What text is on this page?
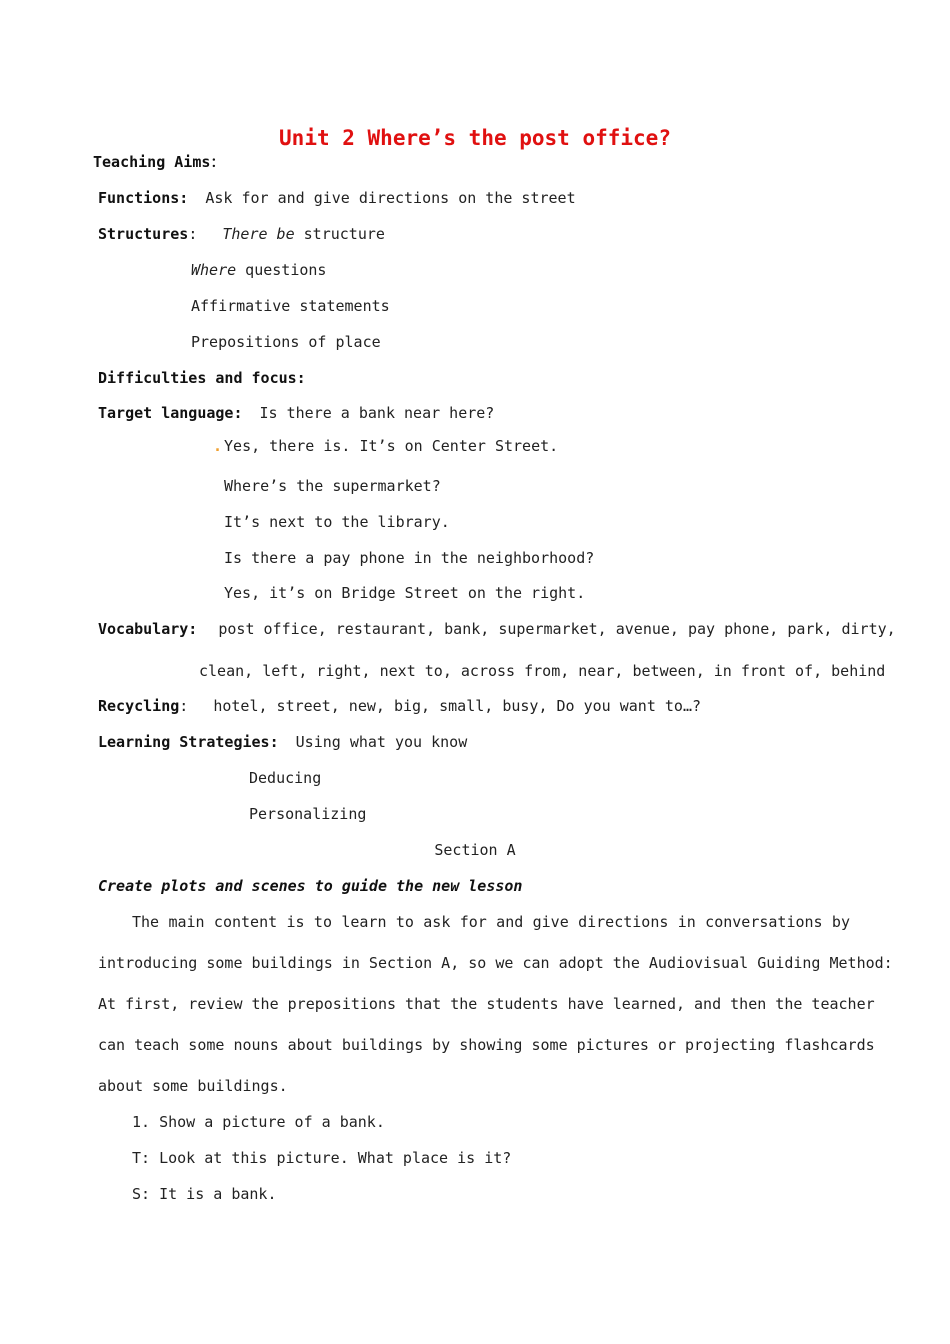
Unit 2 Where’s the post office?
Teaching Aims：
Functions: Ask for and give directions on the street
Structures: There be structure
Where questions
Affirmative statements
Prepositions of place
Difficulties and focus:
Target language: Is there a bank near here?
. Yes, there is. It’s on Center Street.
Where’s the supermarket?
It’s next to the library.
Is there a pay phone in the neighborhood?
Yes, it’s on Bridge Street on the right.
Vocabulary: post office, restaurant, bank, supermarket, avenue, pay phone, park, dirty,
clean, left, right, next to, across from, near, between, in front of, behind
Recycling: hotel, street, new, big, small, busy, Do you want to…?
Learning Strategies: Using what you know
Deducing
Personalizing
Section A
Create plots and scenes to guide the new lesson
The main content is to learn to ask for and give directions in conversations by
introducing some buildings in Section A, so we can adopt the Audiovisual Guiding Method:
At first, review the prepositions that the students have learned, and then the teacher
can teach some nouns about buildings by showing some pictures or projecting flashcards
about some buildings.
1. Show a picture of a bank.
T: Look at this picture. What place is it?
S: It is a bank.
